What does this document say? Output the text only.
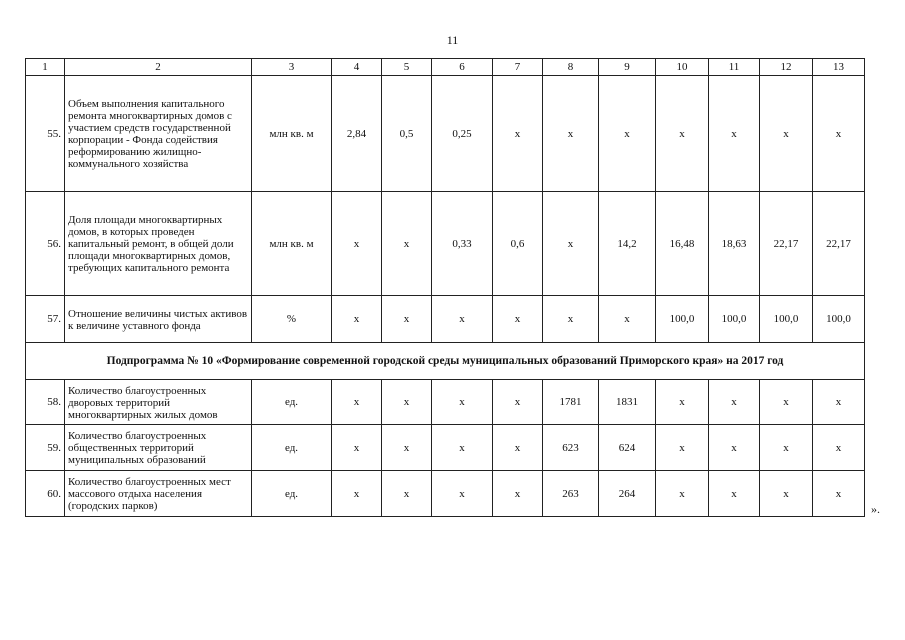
11
1	2	3	4	5	6	7	8	9	10	11	12	13
55.	Объем выполнения капитального ремонта многоквартирных домов с участием средств государственной корпорации - Фонда содействия реформированию жилищно-коммунального хозяйства	млн кв. м	2,84	0,5	0,25	x	x	x	x	x	x	x
56.	Доля площади многоквартирных домов, в которых проведен капитальный ремонт, в общей доли площади многоквартирных домов, требующих капитального ремонта	млн кв. м	x	x	0,33	0,6	x	14,2	16,48	18,63	22,17	22,17
57.	Отношение величины чистых активов к величине уставного фонда	%	x	x	x	x	x	x	100,0	100,0	100,0	100,0
Подпрограмма № 10 «Формирование современной городской среды муниципальных образований Приморского края» на 2017 год												
58.	Количество благоустроенных дворовых территорий многоквартирных жилых домов	ед.	x	x	x	x	1781	1831	x	x	x	x
59.	Количество благоустроенных общественных территорий муниципальных образований	ед.	x	x	x	x	623	624	x	x	x	x
60.	Количество благоустроенных мест массового отдыха населения (городских парков)	ед.	x	x	x	x	263	264	x	x	x	x
».
